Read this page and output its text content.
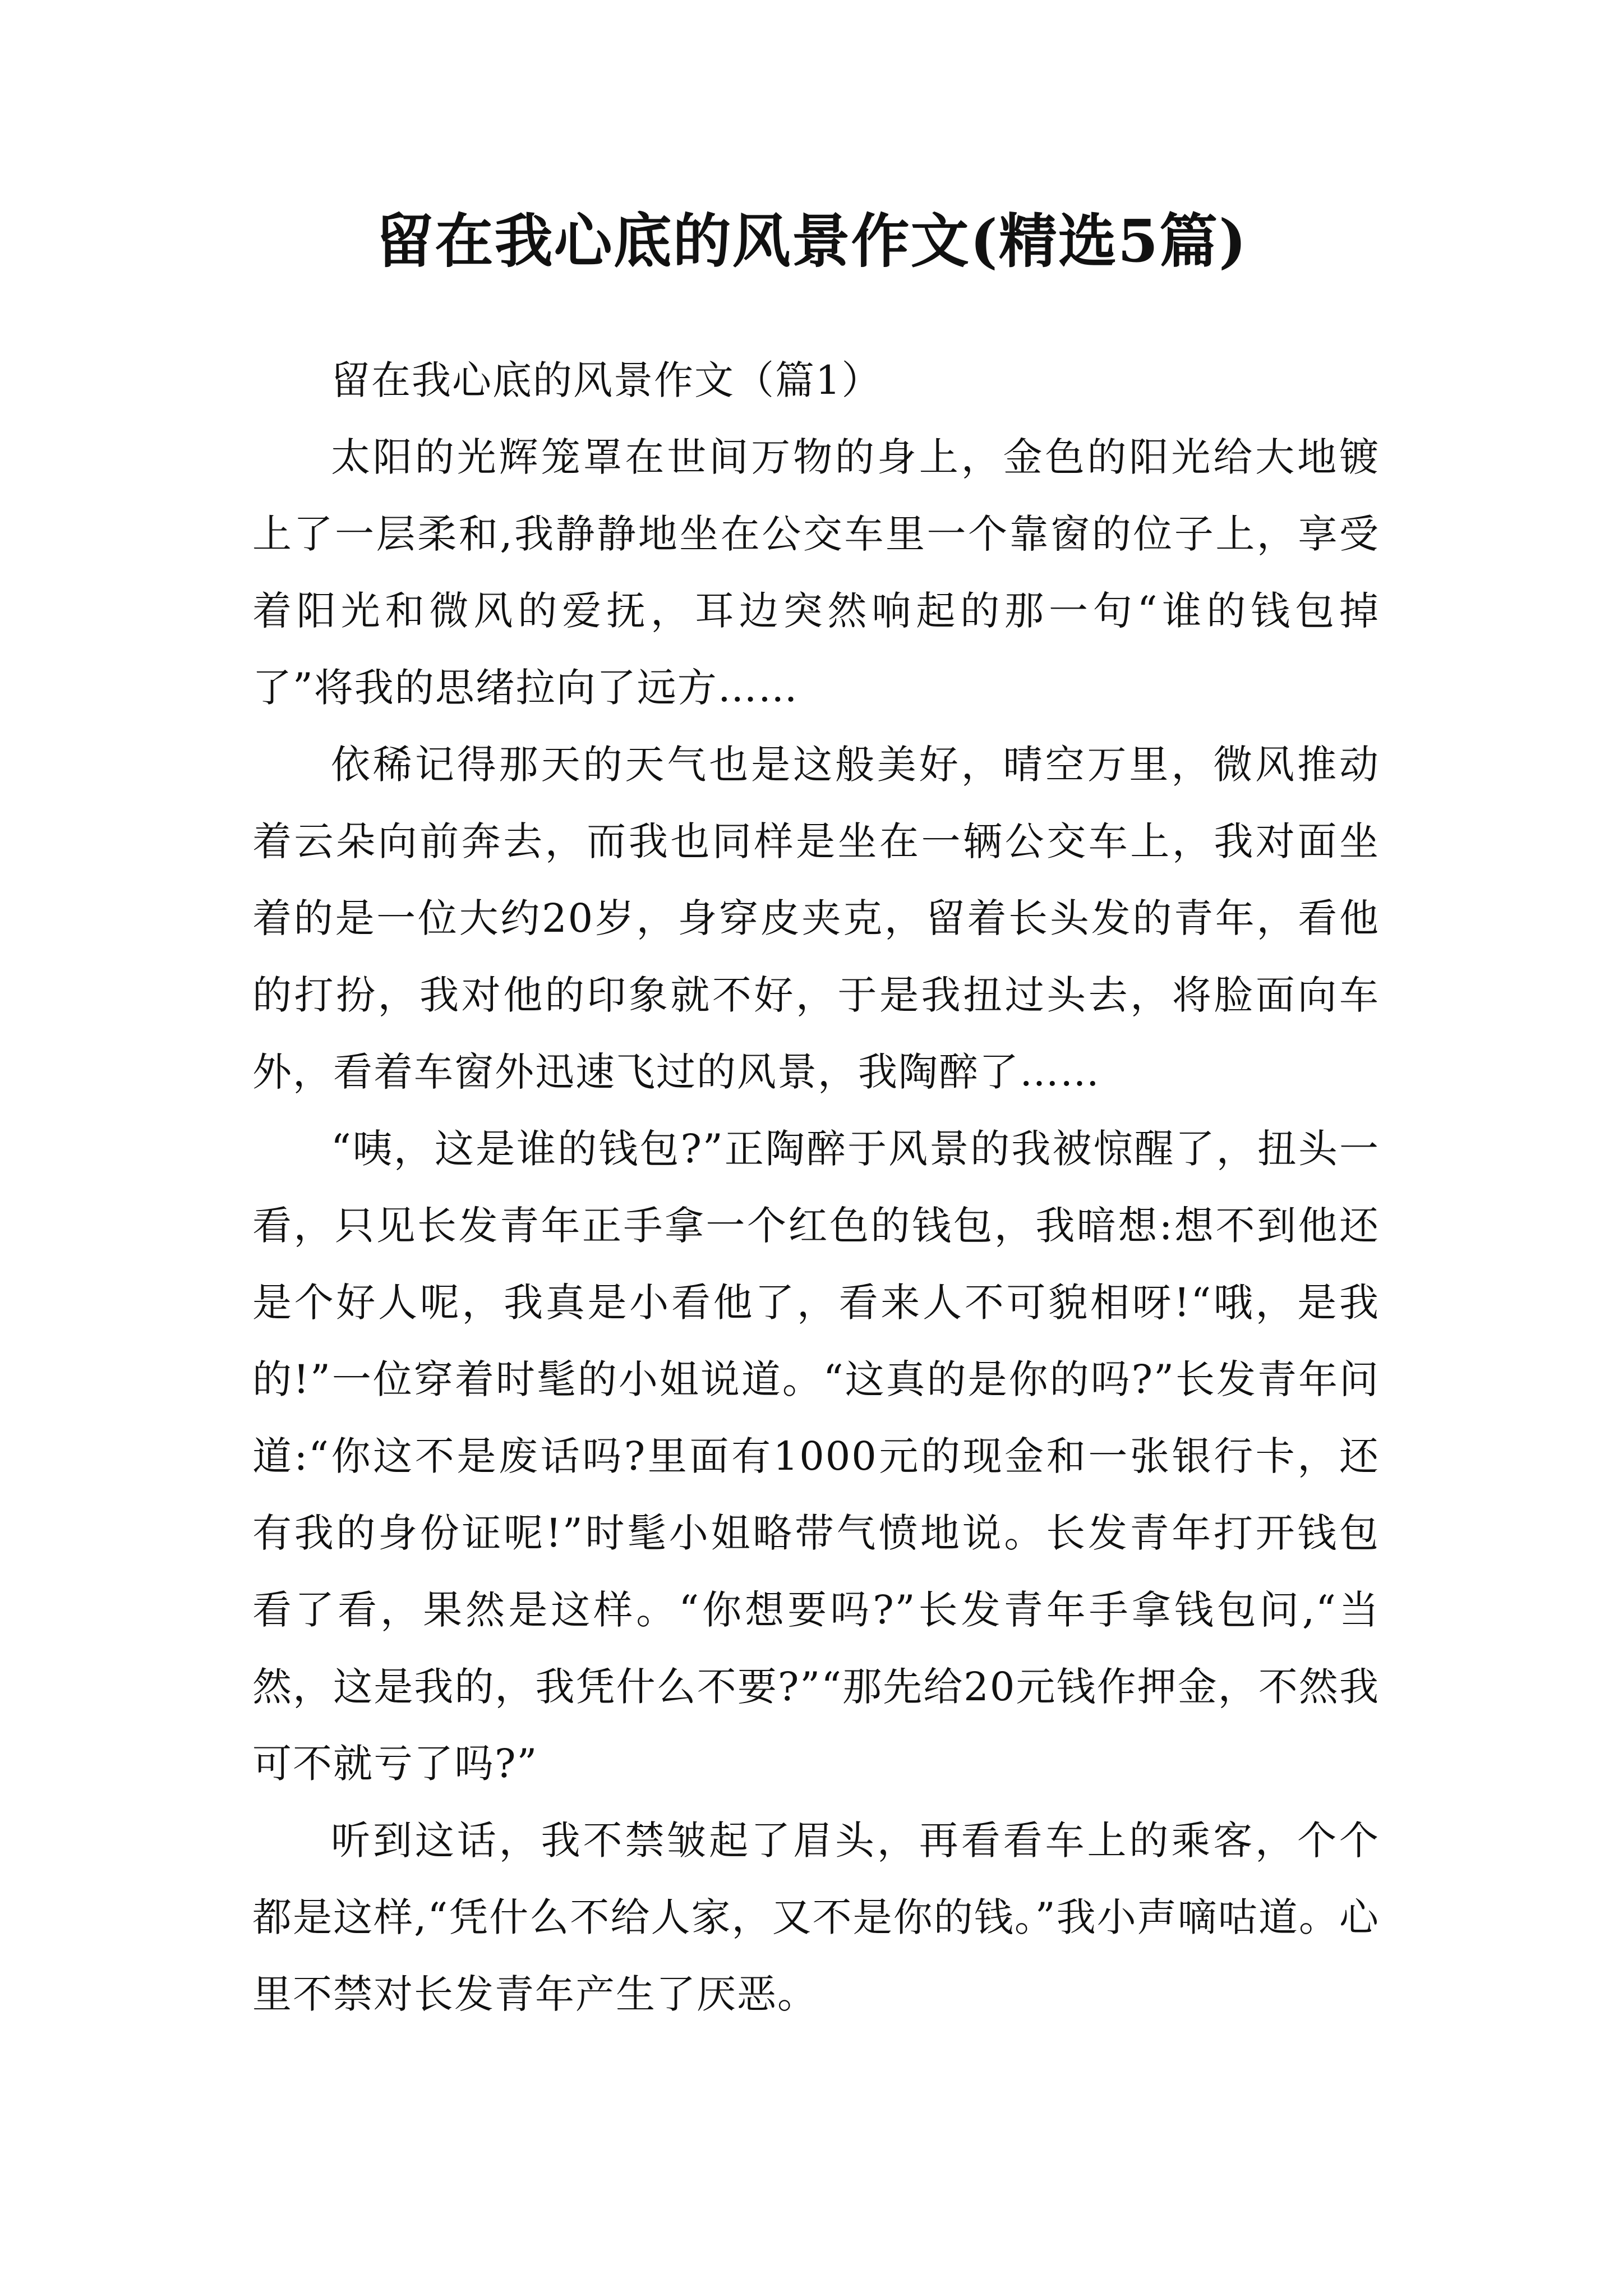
留在我心底的风景作文(精选5篇)

留在我心底的风景作文（篇1）

太阳的光辉笼罩在世间万物的身上，金色的阳光给大地镀上了一层柔和,我静静地坐在公交车里一个靠窗的位子上，享受着阳光和微风的爱抚，耳边突然响起的那一句“谁的钱包掉了”将我的思绪拉向了远方……

依稀记得那天的天气也是这般美好，晴空万里，微风推动着云朵向前奔去，而我也同样是坐在一辆公交车上，我对面坐着的是一位大约20岁，身穿皮夹克，留着长头发的青年，看他的打扮，我对他的印象就不好，于是我扭过头去，将脸面向车外，看着车窗外迅速飞过的风景，我陶醉了……

“咦，这是谁的钱包?”正陶醉于风景的我被惊醒了，扭头一看，只见长发青年正手拿一个红色的钱包，我暗想:想不到他还是个好人呢，我真是小看他了，看来人不可貌相呀!“哦，是我的!”一位穿着时髦的小姐说道。“这真的是你的吗?”长发青年问道:“你这不是废话吗?里面有1000元的现金和一张银行卡，还有我的身份证呢!”时髦小姐略带气愤地说。长发青年打开钱包看了看，果然是这样。“你想要吗?”长发青年手拿钱包问,“当然，这是我的，我凭什么不要?”“那先给20元钱作押金，不然我可不就亏了吗?”

听到这话，我不禁皱起了眉头，再看看车上的乘客，个个都是这样,“凭什么不给人家，又不是你的钱。”我小声嘀咕道。心里不禁对长发青年产生了厌恶。
